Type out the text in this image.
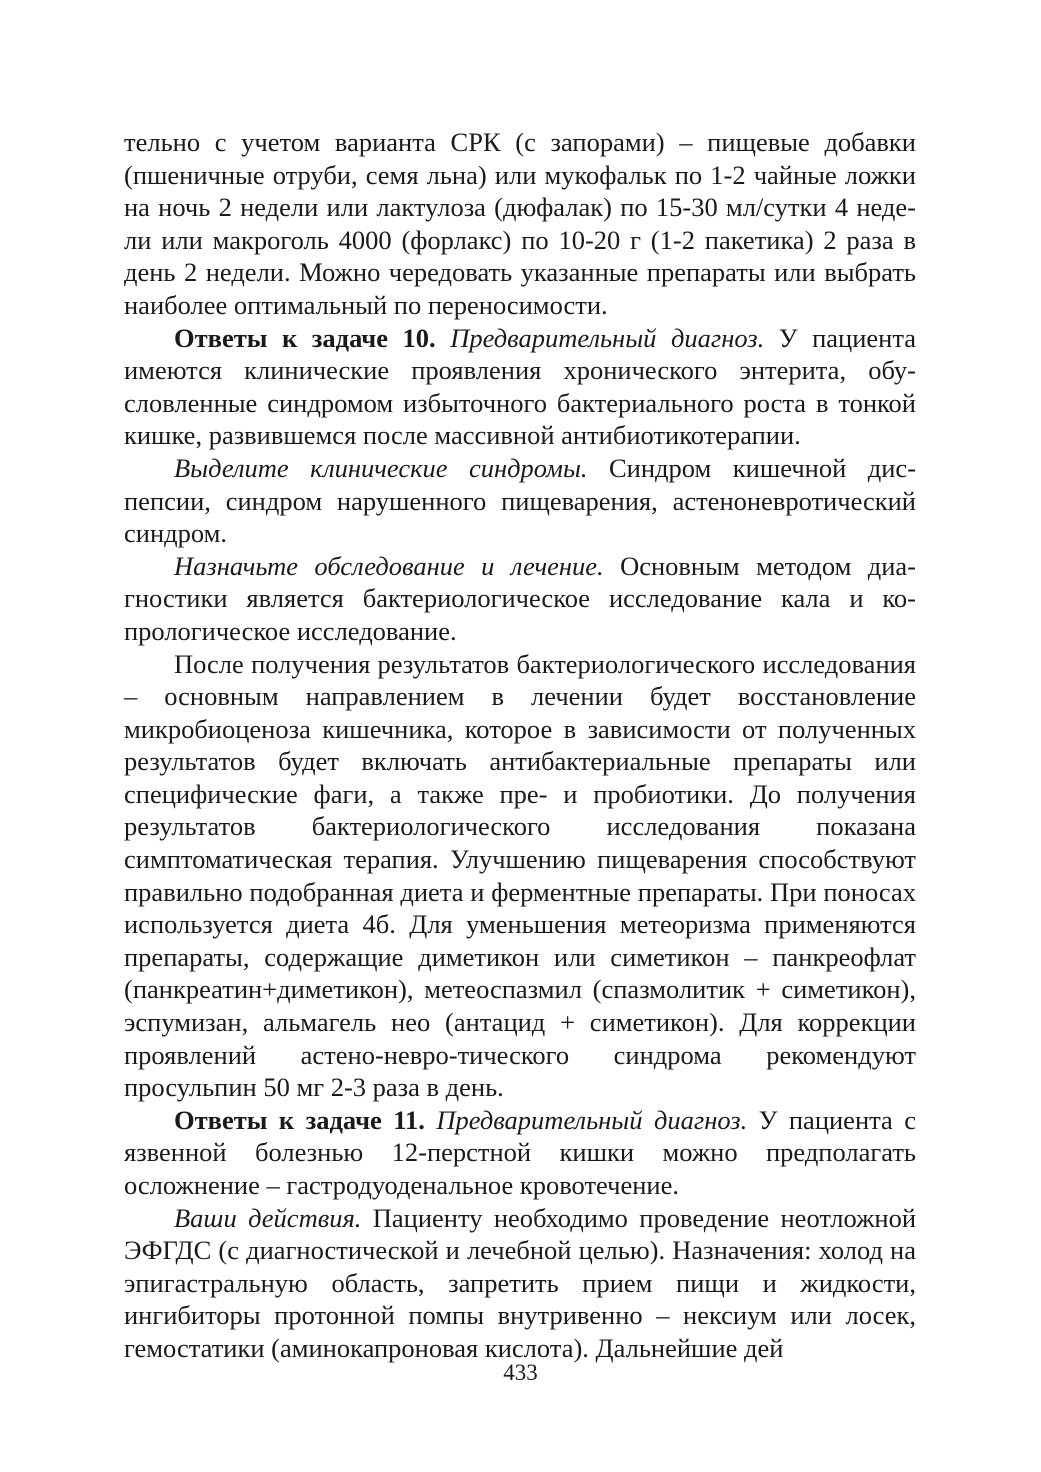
тельно с учетом варианта СРК (с запорами) – пищевые добавки (пшеничные отруби, семя льна) или мукофальк по 1-2 чайные ложки на ночь 2 недели или лактулоза (дюфалак) по 15-30 мл/сутки 4 недели или макроголь 4000 (форлакс) по 10-20 г (1-2 пакетика) 2 раза в день 2 недели. Можно чередовать указанные препараты или выбрать наиболее оптимальный по переносимости.

Ответы к задаче 10. Предварительный диагноз. У пациента имеются клинические проявления хронического энтерита, обусловленные синдромом избыточного бактериального роста в тонкой кишке, развившемся после массивной антибиотикотерапии.

Выделите клинические синдромы. Синдром кишечной диспепсии, синдром нарушенного пищеварения, астеноневротический синдром.

Назначьте обследование и лечение. Основным методом диагностики является бактериологическое исследование кала и копрологическое исследование.

После получения результатов бактериологического исследования – основным направлением в лечении будет восстановление микробиоценоза кишечника, которое в зависимости от полученных результатов будет включать антибактериальные препараты или специфические фаги, а также пре- и пробиотики. До получения результатов бактериологического исследования показана симптоматическая терапия. Улучшению пищеварения способствуют правильно подобранная диета и ферментные препараты. При поносах используется диета 4б. Для уменьшения метеоризма применяются препараты, содержащие диметикон или симетикон – панкреофлат (панкреатин+диметикон), метеоспазмил (спазмолитик + симетикон), эспумизан, альмагель нео (антацид + симетикон). Для коррекции проявлений астено-невро-тического синдрома рекомендуют просульпин 50 мг 2-3 раза в день.

Ответы к задаче 11. Предварительный диагноз. У пациента с язвенной болезнью 12-перстной кишки можно предполагать осложнение – гастродуоденальное кровотечение.

Ваши действия. Пациенту необходимо проведение неотложной ЭФГДС (с диагностической и лечебной целью). Назначения: холод на эпигастральную область, запретить прием пищи и жидкости, ингибиторы протонной помпы внутривенно – нексиум или лосек, гемостатики (аминокапроновая кислота). Дальнейшие дей

433
